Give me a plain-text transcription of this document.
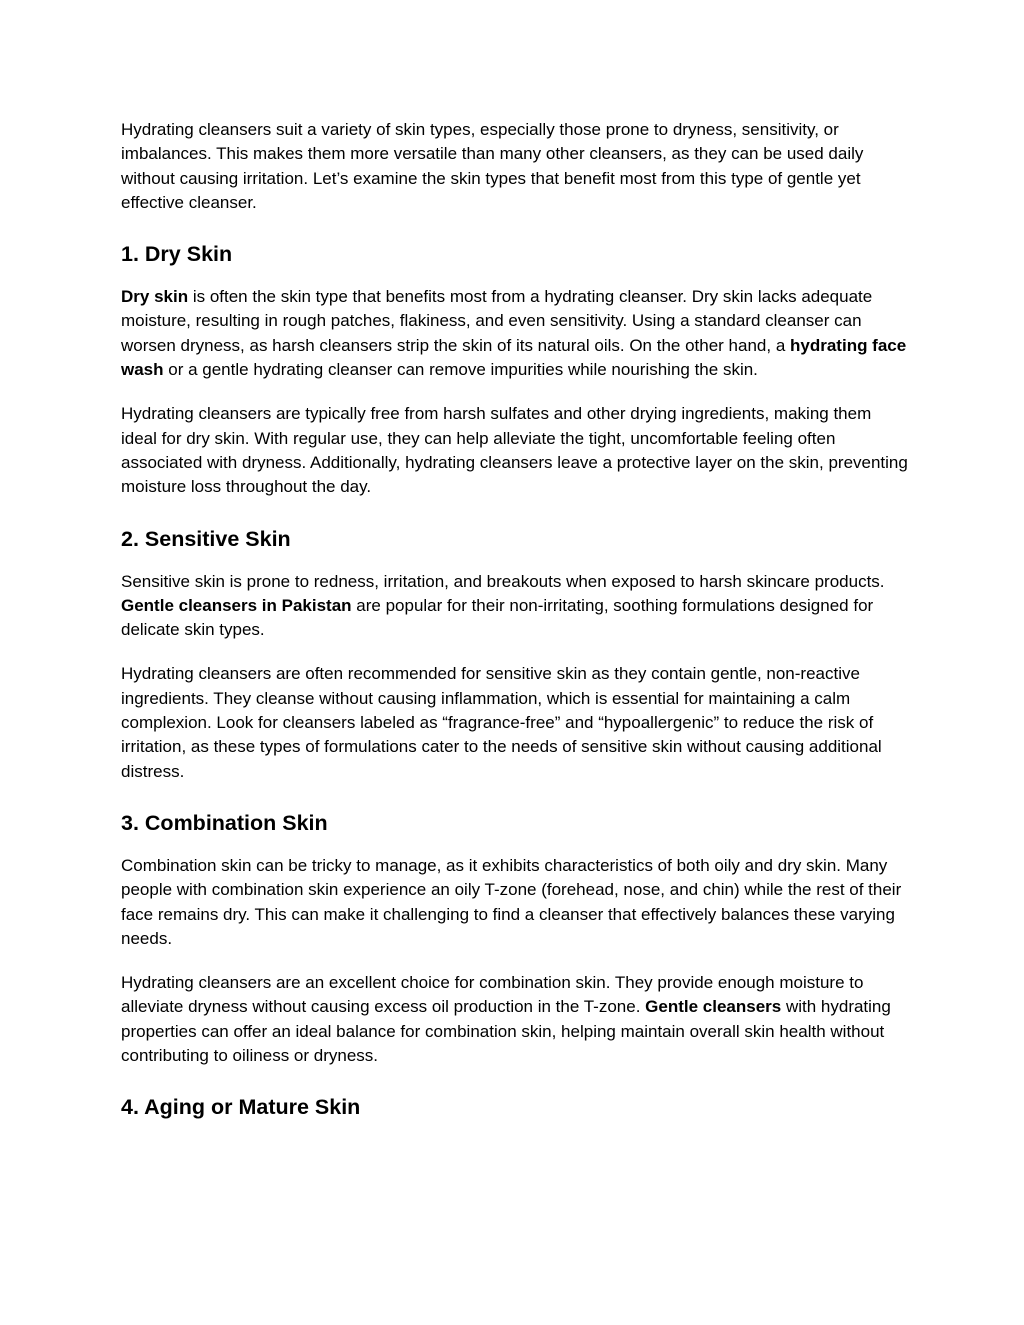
Hydrating cleansers suit a variety of skin types, especially those prone to dryness, sensitivity, or imbalances. This makes them more versatile than many other cleansers, as they can be used daily without causing irritation. Let’s examine the skin types that benefit most from this type of gentle yet effective cleanser.

1. Dry Skin

Dry skin is often the skin type that benefits most from a hydrating cleanser. Dry skin lacks adequate moisture, resulting in rough patches, flakiness, and even sensitivity. Using a standard cleanser can worsen dryness, as harsh cleansers strip the skin of its natural oils. On the other hand, a hydrating face wash or a gentle hydrating cleanser can remove impurities while nourishing the skin.

Hydrating cleansers are typically free from harsh sulfates and other drying ingredients, making them ideal for dry skin. With regular use, they can help alleviate the tight, uncomfortable feeling often associated with dryness. Additionally, hydrating cleansers leave a protective layer on the skin, preventing moisture loss throughout the day.

2. Sensitive Skin

Sensitive skin is prone to redness, irritation, and breakouts when exposed to harsh skincare products. Gentle cleansers in Pakistan are popular for their non-irritating, soothing formulations designed for delicate skin types.

Hydrating cleansers are often recommended for sensitive skin as they contain gentle, non-reactive ingredients. They cleanse without causing inflammation, which is essential for maintaining a calm complexion. Look for cleansers labeled as “fragrance-free” and “hypoallergenic” to reduce the risk of irritation, as these types of formulations cater to the needs of sensitive skin without causing additional distress.

3. Combination Skin

Combination skin can be tricky to manage, as it exhibits characteristics of both oily and dry skin. Many people with combination skin experience an oily T-zone (forehead, nose, and chin) while the rest of their face remains dry. This can make it challenging to find a cleanser that effectively balances these varying needs.

Hydrating cleansers are an excellent choice for combination skin. They provide enough moisture to alleviate dryness without causing excess oil production in the T-zone. Gentle cleansers with hydrating properties can offer an ideal balance for combination skin, helping maintain overall skin health without contributing to oiliness or dryness.

4. Aging or Mature Skin
